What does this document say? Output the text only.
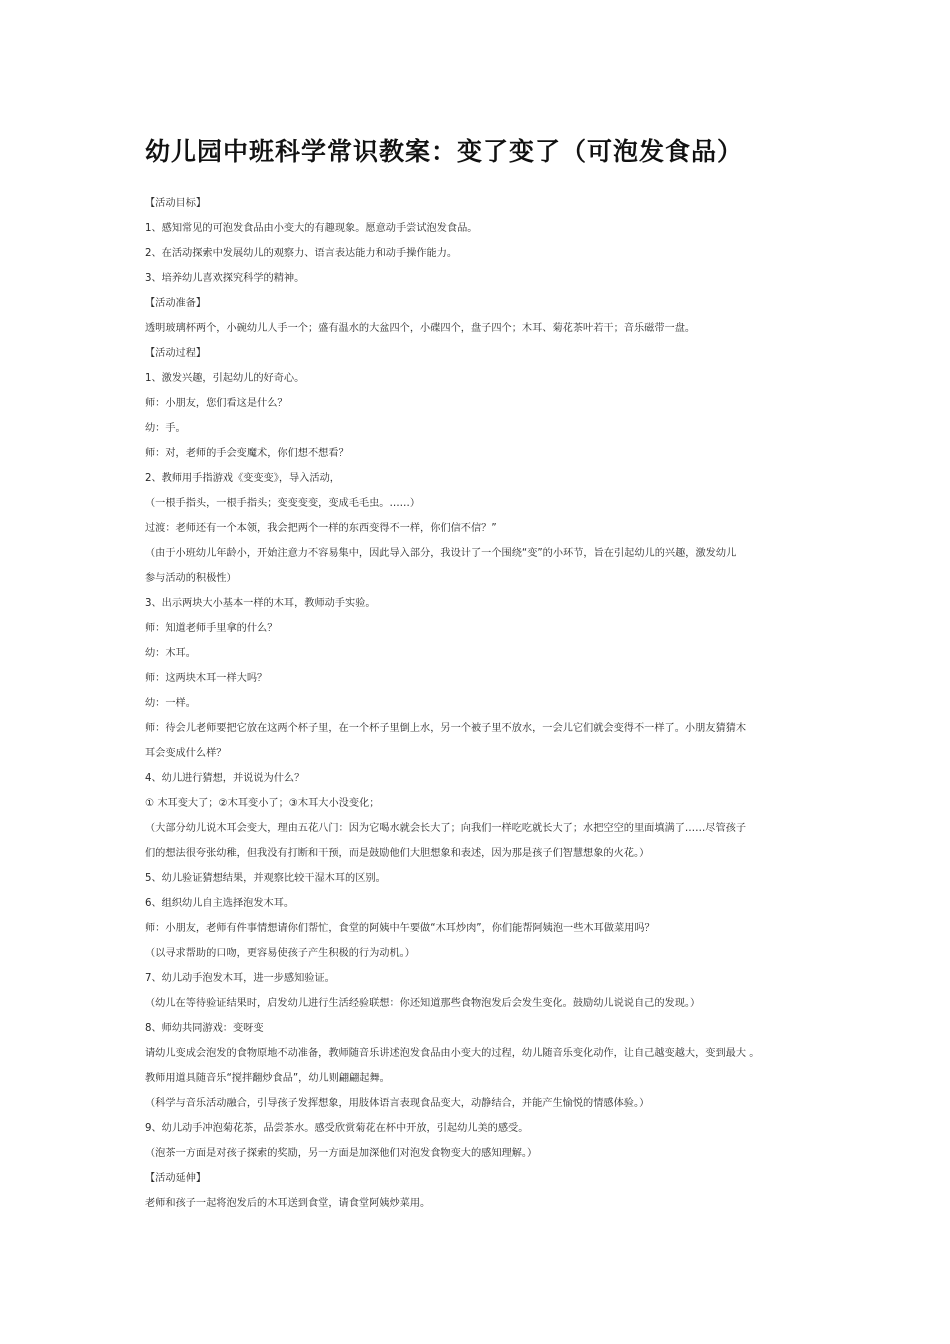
幼儿园中班科学常识教案：变了变了（可泡发食品）
【活动目标】
1、感知常见的可泡发食品由小变大的有趣现象。愿意动手尝试泡发食品。
2、在活动探索中发展幼儿的观察力、语言表达能力和动手操作能力。
3、培养幼儿喜欢探究科学的精神。
【活动准备】
透明玻璃杯两个，小碗幼儿人手一个；盛有温水的大盆四个，小碟四个，盘子四个；木耳、菊花茶叶若干；音乐磁带一盘。
【活动过程】
1、激发兴趣，引起幼儿的好奇心。
师：小朋友，您们看这是什么？
幼：手。
师：对，老师的手会变魔术，你们想不想看？
2、教师用手指游戏《变变变》，导入活动，
（一根手指头，一根手指头；变变变变，变成毛毛虫。……）
过渡：老师还有一个本领，我会把两个一样的东西变得不一样，你们信不信？”
（由于小班幼儿年龄小，开始注意力不容易集中，因此导入部分，我设计了一个围绕“变”的小环节，旨在引起幼儿的兴趣，激发幼儿
参与活动的积极性）
3、出示两块大小基本一样的木耳，教师动手实验。
师：知道老师手里拿的什么？
幼：木耳。
师：这两块木耳一样大吗？
幼：一样。
师：待会儿老师要把它放在这两个杯子里，在一个杯子里倒上水，另一个被子里不放水，一会儿它们就会变得不一样了。小朋友猜猜木
耳会变成什么样？
4、幼儿进行猜想，并说说为什么？
① 木耳变大了；②木耳变小了；③木耳大小没变化；
（大部分幼儿说木耳会变大，理由五花八门：因为它喝水就会长大了；向我们一样吃吃就长大了；水把空空的里面填满了……尽管孩子
们的想法很夸张幼稚，但我没有打断和干预，而是鼓励他们大胆想象和表述，因为那是孩子们智慧想象的火花。）
5、幼儿验证猜想结果，并观察比较干湿木耳的区别。
6、组织幼儿自主选择泡发木耳。
师：小朋友，老师有件事情想请你们帮忙，食堂的阿姨中午要做“木耳炒肉”，你们能帮阿姨泡一些木耳做菜用吗？
（以寻求帮助的口吻，更容易使孩子产生积极的行为动机。）
7、幼儿动手泡发木耳，进一步感知验证。
（幼儿在等待验证结果时，启发幼儿进行生活经验联想：你还知道那些食物泡发后会发生变化。鼓励幼儿说说自己的发现。）
8、师幼共同游戏：变呀变
请幼儿变成会泡发的食物原地不动准备，教师随音乐讲述泡发食品由小变大的过程，幼儿随音乐变化动作，让自己越变越大，变到最大 。
教师用道具随音乐“搅拌翻炒食品”，幼儿则翩翩起舞。
（科学与音乐活动融合，引导孩子发挥想象，用肢体语言表现食品变大，动静结合，并能产生愉悦的情感体验。）
9、幼儿动手冲泡菊花茶，品尝茶水。感受欣赏菊花在杯中开放，引起幼儿美的感受。
（泡茶一方面是对孩子探索的奖励，另一方面是加深他们对泡发食物变大的感知理解。）
【活动延伸】
老师和孩子一起将泡发后的木耳送到食堂，请食堂阿姨炒菜用。
